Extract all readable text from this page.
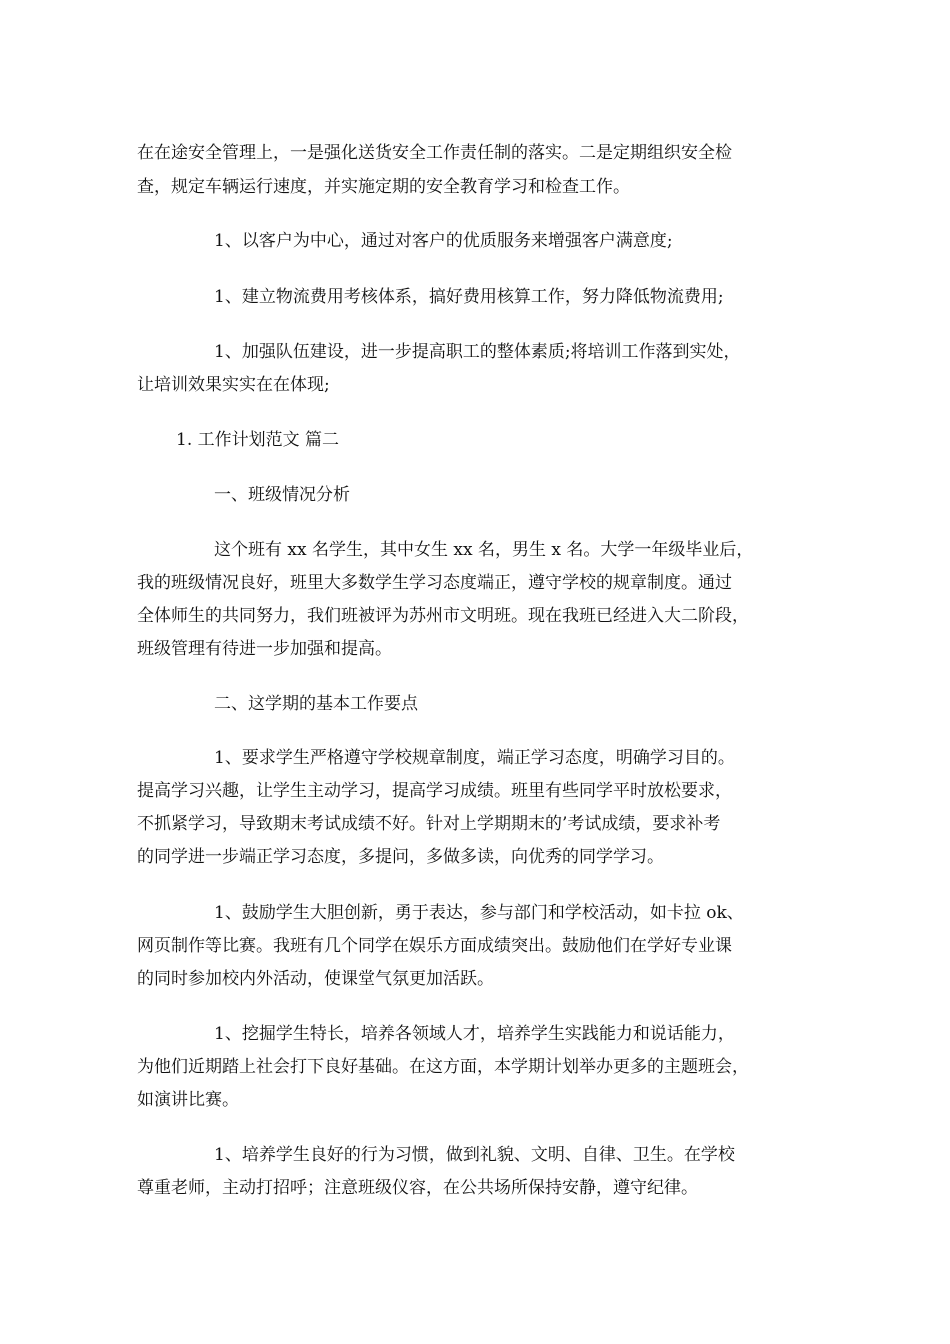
在在途安全管理上，一是强化送货安全工作责任制的落实。二是定期组织安全检
查，规定车辆运行速度，并实施定期的安全教育学习和检查工作。
1、以客户为中心，通过对客户的优质服务来增强客户满意度;
1、建立物流费用考核体系，搞好费用核算工作，努力降低物流费用;
1、加强队伍建设，进一步提高职工的整体素质;将培训工作落到实处，
让培训效果实实在在体现;
1. 工作计划范文 篇二
一、班级情况分析
这个班有 xx 名学生，其中女生 xx 名，男生 x 名。大学一年级毕业后，
我的班级情况良好，班里大多数学生学习态度端正，遵守学校的规章制度。通过
全体师生的共同努力，我们班被评为苏州市文明班。现在我班已经进入大二阶段，
班级管理有待进一步加强和提高。
二、这学期的基本工作要点
1、要求学生严格遵守学校规章制度，端正学习态度，明确学习目的。
提高学习兴趣，让学生主动学习，提高学习成绩。班里有些同学平时放松要求，
不抓紧学习，导致期末考试成绩不好。针对上学期期末的’考试成绩，要求补考
的同学进一步端正学习态度，多提问，多做多读，向优秀的同学学习。
1、鼓励学生大胆创新，勇于表达，参与部门和学校活动，如卡拉 ok、
网页制作等比赛。我班有几个同学在娱乐方面成绩突出。鼓励他们在学好专业课
的同时参加校内外活动，使课堂气氛更加活跃。
1、挖掘学生特长，培养各领域人才，培养学生实践能力和说话能力，
为他们近期踏上社会打下良好基础。在这方面，本学期计划举办更多的主题班会，
如演讲比赛。
1、培养学生良好的行为习惯，做到礼貌、文明、自律、卫生。在学校
尊重老师，主动打招呼；注意班级仪容，在公共场所保持安静，遵守纪律。
